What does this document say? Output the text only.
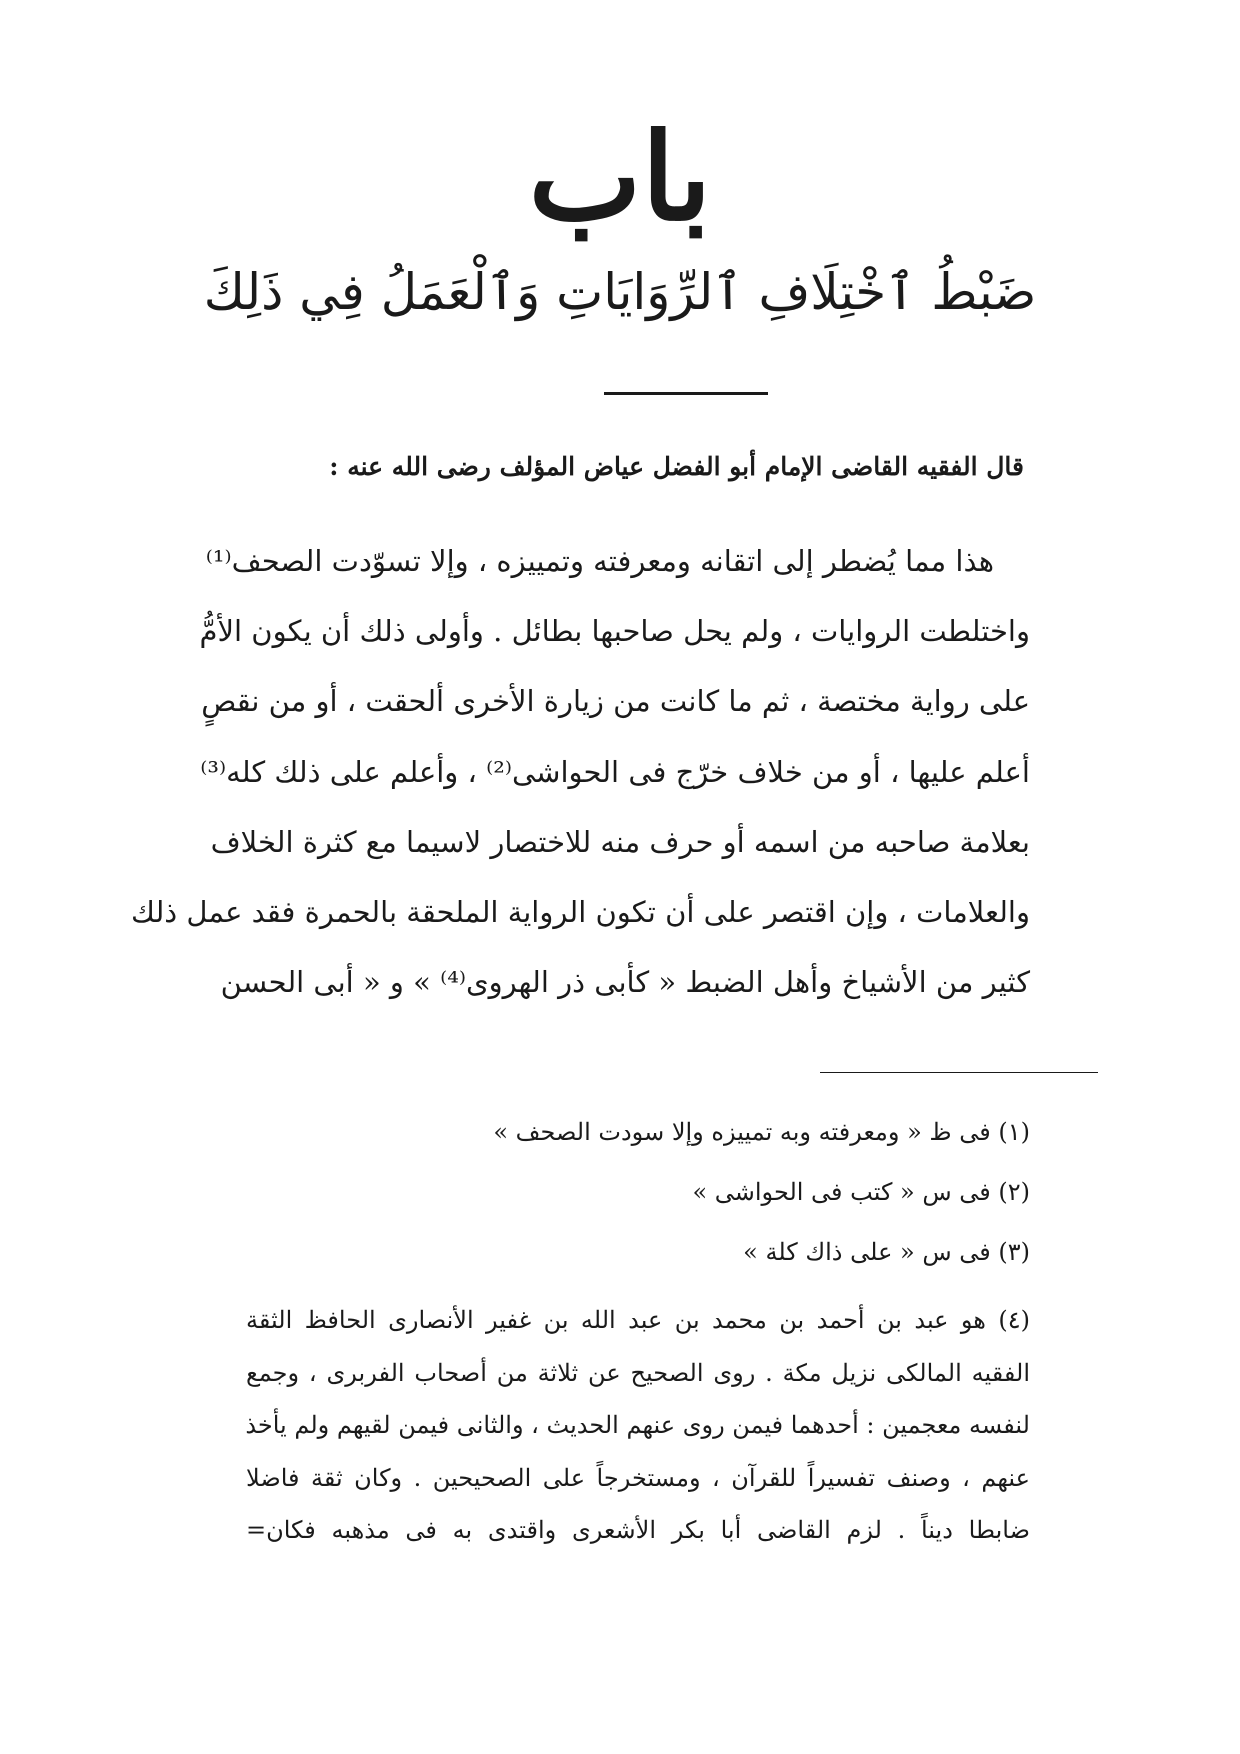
باب
ضَبْطُ ٱخْتِلَافِ ٱلرِّوَايَاتِ وَٱلْعَمَلُ فِي ذَلِكَ
قال الفقيه القاضى الإمام أبو الفضل عياض المؤلف رضى الله عنه :
هذا مما يُضطر إلى اتقانه ومعرفته وتمييزه ، وإلا تسوّدت الصحف⁽¹⁾
واختلطت الروايات ، ولم يحل صاحبها بطائل . وأولى ذلك أن يكون الأمُّ
على رواية مختصة ، ثم ما كانت من زيارة الأخرى ألحقت ، أو من نقصٍ
أعلم عليها ، أو من خلاف خرّج فى الحواشى⁽²⁾ ، وأعلم على ذلك كله⁽³⁾
بعلامة صاحبه من اسمه أو حرف منه للاختصار لاسيما مع كثرة الخلاف
والعلامات ، وإن اقتصر على أن تكون الرواية الملحقة بالحمرة فقد عمل ذلك
كثير من الأشياخ وأهل الضبط « كأبى ذر الهروى⁽⁴⁾ » و « أبى الحسن
(١) فى ظ « ومعرفته وبه تمييزه وإلا سودت الصحف »
(٢) فى س « كتب فى الحواشى »
(٣) فى س « على ذاك كلة »
(٤) هو عبد بن أحمد بن محمد بن عبد الله بن غفير الأنصارى الحافظ الثقة
الفقيه المالكى نزيل مكة . روى الصحيح عن ثلاثة من أصحاب الفربرى ، وجمع
لنفسه معجمين : أحدهما فيمن روى عنهم الحديث ، والثانى فيمن لقيهم ولم يأخذ
عنهم ، وصنف تفسيراً للقرآن ، ومستخرجاً على الصحيحين . وكان ثقة فاضلا
ضابطا ديناً . لزم القاضى أبا بكر الأشعرى واقتدى به فى مذهبه فكان=
